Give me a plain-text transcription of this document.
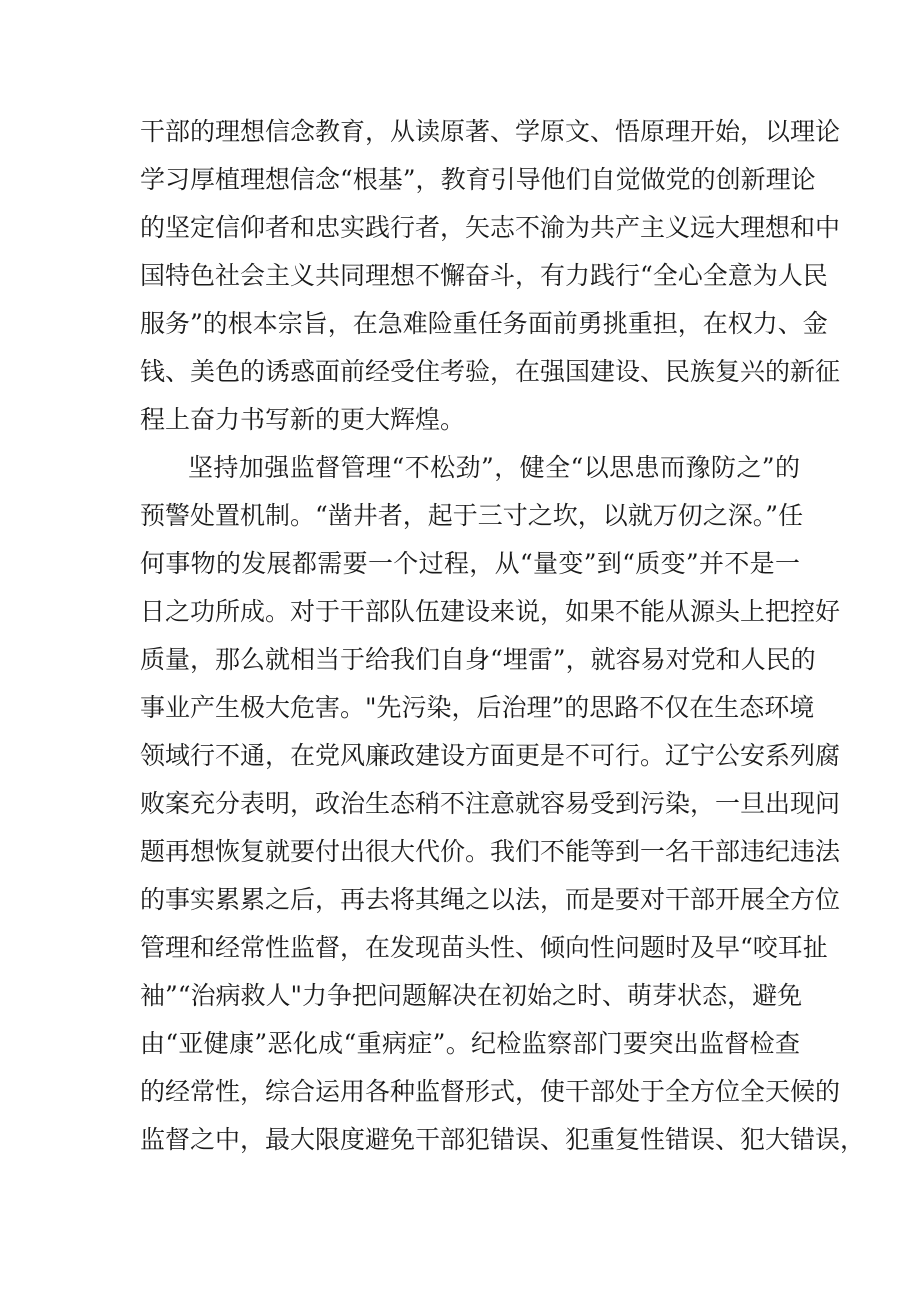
干部的理想信念教育，从读原著、学原文、悟原理开始，以理论
学习厚植理想信念“根基”，教育引导他们自觉做党的创新理论
的坚定信仰者和忠实践行者，矢志不渝为共产主义远大理想和中
国特色社会主义共同理想不懈奋斗，有力践行“全心全意为人民
服务”的根本宗旨，在急难险重任务面前勇挑重担，在权力、金
钱、美色的诱惑面前经受住考验，在强国建设、民族复兴的新征
程上奋力书写新的更大辉煌。
坚持加强监督管理“不松劲”，健全“以思患而豫防之”的
预警处置机制。“凿井者，起于三寸之坎，以就万仞之深。”任
何事物的发展都需要一个过程，从“量变”到“质变”并不是一
日之功所成。对于干部队伍建设来说，如果不能从源头上把控好
质量，那么就相当于给我们自身“埋雷”，就容易对党和人民的
事业产生极大危害。"先污染，后治理”的思路不仅在生态环境
领域行不通，在党风廉政建设方面更是不可行。辽宁公安系列腐
败案充分表明，政治生态稍不注意就容易受到污染，一旦出现问
题再想恢复就要付出很大代价。我们不能等到一名干部违纪违法
的事实累累之后，再去将其绳之以法，而是要对干部开展全方位
管理和经常性监督，在发现苗头性、倾向性问题时及早“咬耳扯
袖”“治病救人"力争把问题解决在初始之时、萌芽状态，避免
由“亚健康”恶化成“重病症”。纪检监察部门要突出监督检查
的经常性，综合运用各种监督形式，使干部处于全方位全天候的
监督之中，最大限度避免干部犯错误、犯重复性错误、犯大错误，
